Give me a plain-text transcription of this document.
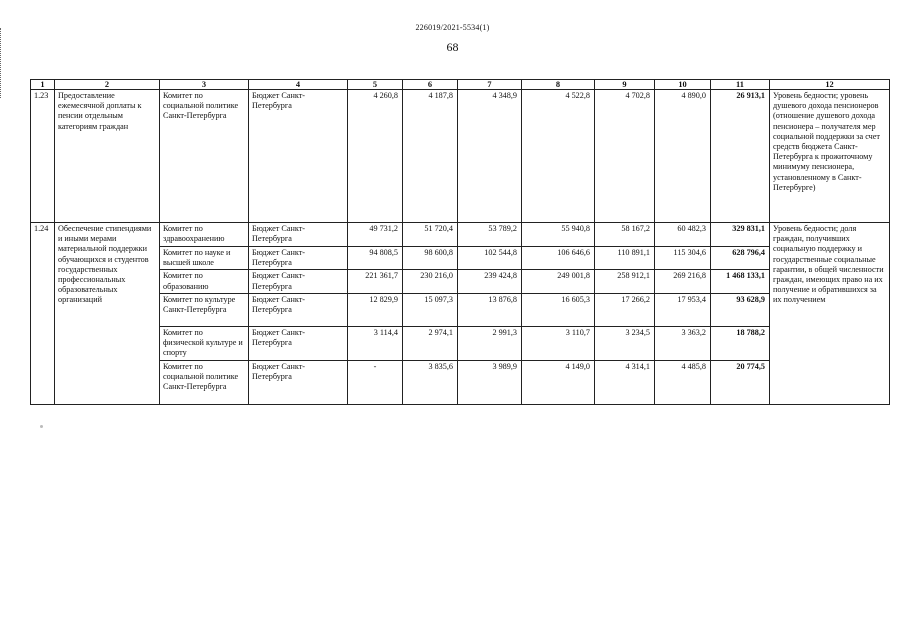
226019/2021-5534(1)
68
1	2	3	4	5	6	7	8	9	10	11	12
1.23	Предоставление ежемесячной доплаты к пенсии отдельным категориям граждан	Комитет по социальной политике Санкт-Петербурга	Бюджет Санкт-Петербурга	4 260,8	4 187,8	4 348,9	4 522,8	4 702,8	4 890,0	26 913,1	Уровень бедности; уровень душевого дохода пенсионеров (отношение душевого дохода пенсионера – получателя мер социальной поддержки за счет средств бюджета Санкт-Петербурга к прожиточному минимуму пенсионера, установленному в Санкт-Петербурге)
1.24	Обеспечение стипендиями и иными мерами материальной поддержки обучающихся и студентов государственных профессиональных образовательных организаций	Комитет по здравоохранению	Бюджет Санкт-Петербурга	49 731,2	51 720,4	53 789,2	55 940,8	58 167,2	60 482,3	329 831,1	Уровень бедности; доля граждан, получивших социальную поддержку и государственные социальные гарантии, в общей численности граждан, имеющих право на их получение и обратившихся за их получением
		Комитет по науке и высшей школе	Бюджет Санкт-Петербурга	94 808,5	98 600,8	102 544,8	106 646,6	110 891,1	115 304,6	628 796,4	
		Комитет по образованию	Бюджет Санкт-Петербурга	221 361,7	230 216,0	239 424,8	249 001,8	258 912,1	269 216,8	1 468 133,1	
		Комитет по культуре Санкт-Петербурга	Бюджет Санкт-Петербурга	12 829,9	15 097,3	13 876,8	16 605,3	17 266,2	17 953,4	93 628,9	
		Комитет по физической культуре и спорту	Бюджет Санкт-Петербурга	3 114,4	2 974,1	2 991,3	3 110,7	3 234,5	3 363,2	18 788,2	
		Комитет по социальной политике Санкт-Петербурга	Бюджет Санкт-Петербурга	-	3 835,6	3 989,9	4 149,0	4 314,1	4 485,8	20 774,5	
